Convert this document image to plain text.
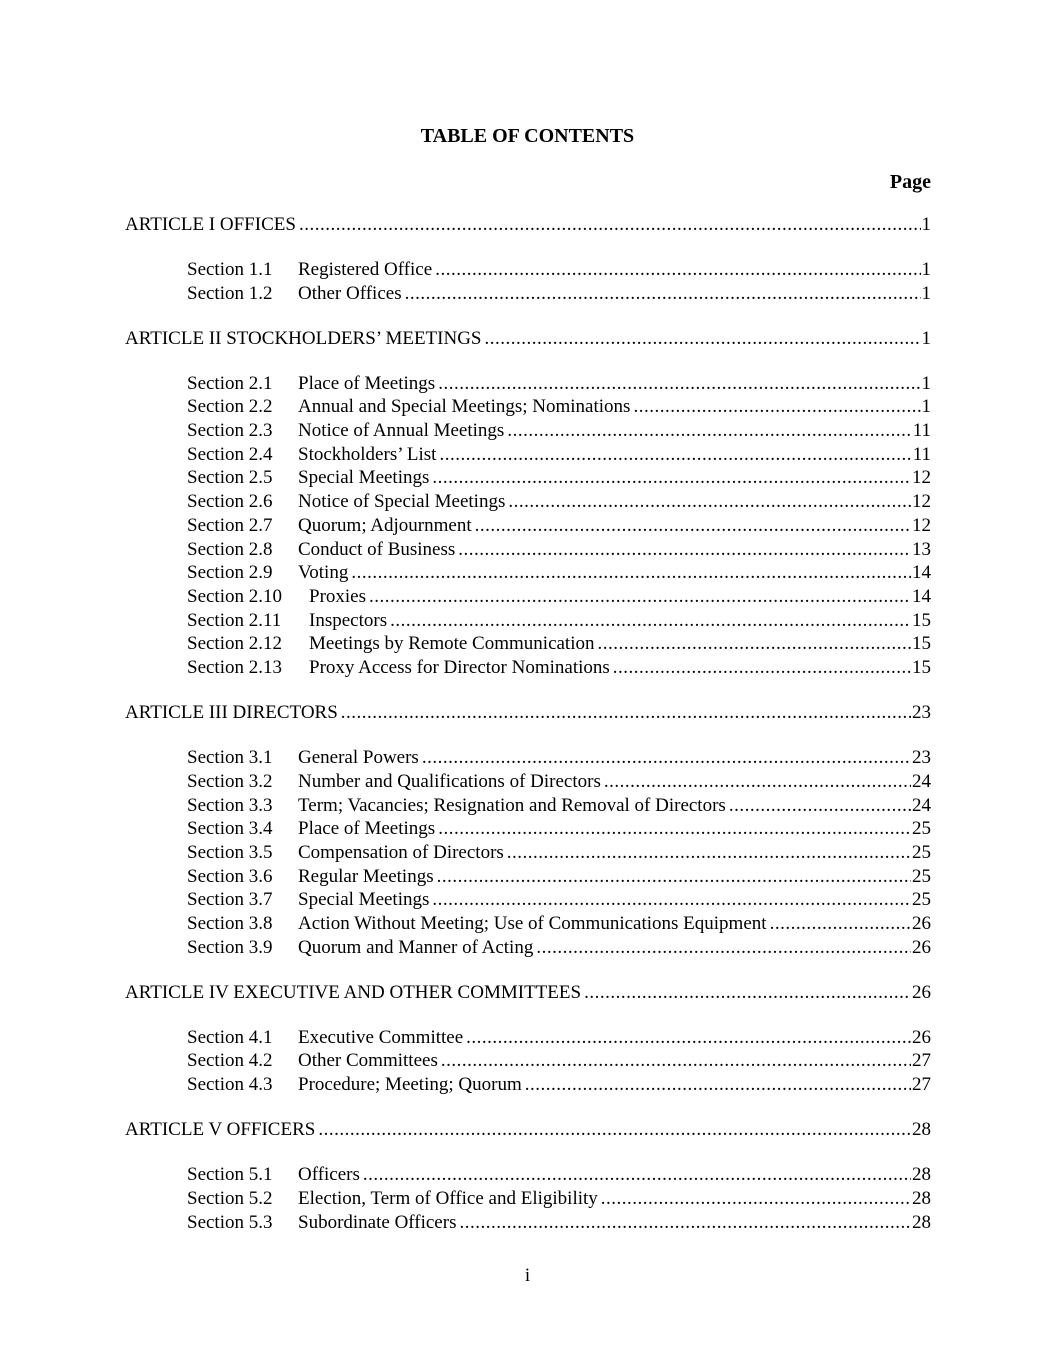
TABLE OF CONTENTS
Page
ARTICLE I OFFICES .....	1
Section 1.1	Registered Office .....	1
Section 1.2	Other Offices .....	1
ARTICLE II STOCKHOLDERS’ MEETINGS .....	1
Section 2.1	Place of Meetings .....	1
Section 2.2	Annual and Special Meetings; Nominations .....	1
Section 2.3	Notice of Annual Meetings .....	11
Section 2.4	Stockholders’ List .....	11
Section 2.5	Special Meetings .....	12
Section 2.6	Notice of Special Meetings .....	12
Section 2.7	Quorum; Adjournment .....	12
Section 2.8	Conduct of Business .....	13
Section 2.9	Voting .....	14
Section 2.10	Proxies .....	14
Section 2.11	Inspectors .....	15
Section 2.12	Meetings by Remote Communication .....	15
Section 2.13	Proxy Access for Director Nominations .....	15
ARTICLE III DIRECTORS .....	23
Section 3.1	General Powers .....	23
Section 3.2	Number and Qualifications of Directors .....	24
Section 3.3	Term; Vacancies; Resignation and Removal of Directors .....	24
Section 3.4	Place of Meetings .....	25
Section 3.5	Compensation of Directors .....	25
Section 3.6	Regular Meetings .....	25
Section 3.7	Special Meetings .....	25
Section 3.8	Action Without Meeting; Use of Communications Equipment .....	26
Section 3.9	Quorum and Manner of Acting .....	26
ARTICLE IV EXECUTIVE AND OTHER COMMITTEES .....	26
Section 4.1	Executive Committee .....	26
Section 4.2	Other Committees .....	27
Section 4.3	Procedure; Meeting; Quorum .....	27
ARTICLE V OFFICERS .....	28
Section 5.1	Officers .....	28
Section 5.2	Election, Term of Office and Eligibility .....	28
Section 5.3	Subordinate Officers .....	28
i
